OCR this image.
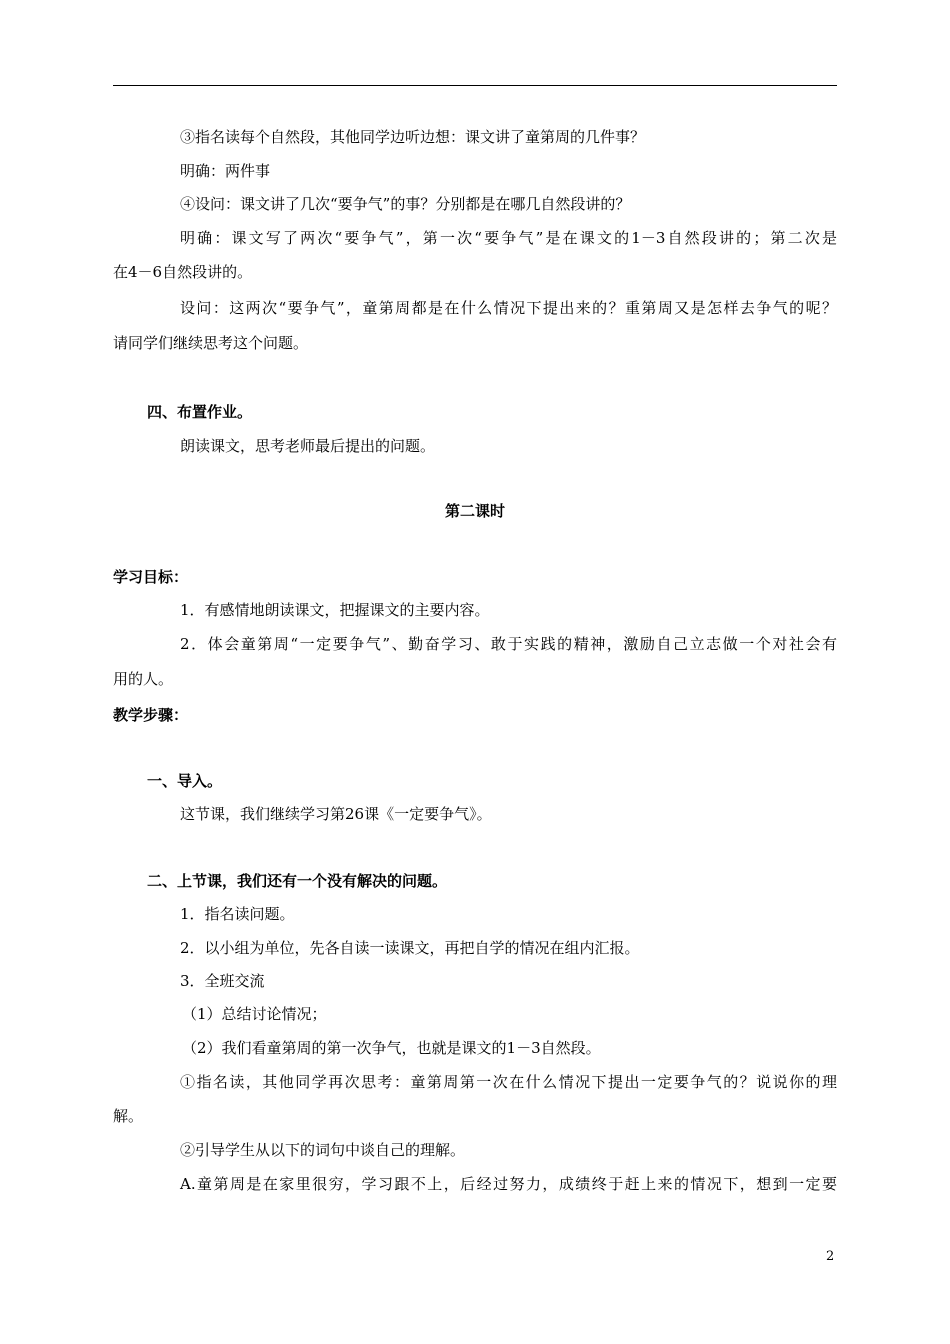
③指名读每个自然段，其他同学边听边想：课文讲了童第周的几件事？
明确：两件事
④设问：课文讲了几次“要争气”的事？分别都是在哪几自然段讲的？
明确：课文写了两次“要争气”，第一次“要争气”是在课文的1－3自然段讲的；第二次是
在4－6自然段讲的。
设问：这两次“要争气”，童第周都是在什么情况下提出来的？重第周又是怎样去争气的呢？
请同学们继续思考这个问题。
四、布置作业。
朗读课文，思考老师最后提出的问题。
第二课时
学习目标：
1．有感情地朗读课文，把握课文的主要内容。
2．体会童第周“一定要争气”、勤奋学习、敢于实践的精神，激励自己立志做一个对社会有
用的人。
教学步骤：
一、导入。
这节课，我们继续学习第26课《一定要争气》。
二、上节课，我们还有一个没有解决的问题。
1．指名读问题。
2．以小组为单位，先各自读一读课文，再把自学的情况在组内汇报。
3．全班交流
（1）总结讨论情况；
（2）我们看童第周的第一次争气，也就是课文的1－3自然段。
①指名读，其他同学再次思考：童第周第一次在什么情况下提出一定要争气的？说说你的理
解。
②引导学生从以下的词句中谈自己的理解。
A.童第周是在家里很穷，学习跟不上，后经过努力，成绩终于赶上来的情况下，想到一定要
2
